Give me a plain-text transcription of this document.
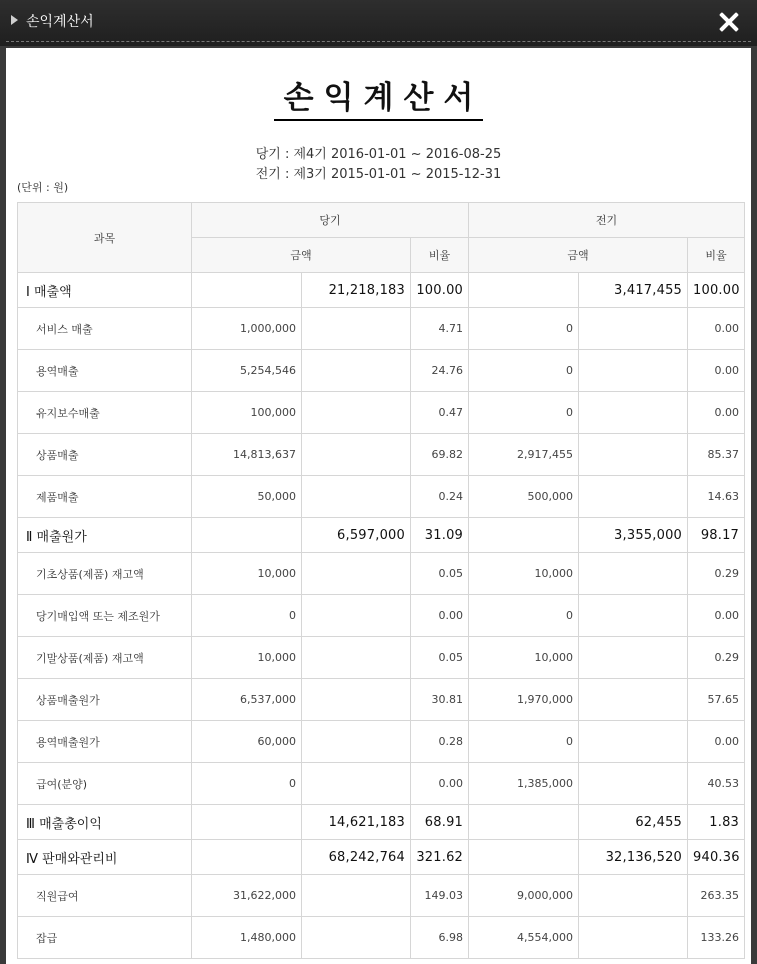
손익계산서
손익계산서
당기 : 제4기 2016-01-01 ~ 2016-08-25
전기 : 제3기 2015-01-01 ~ 2015-12-31
(단위 : 원)
과목	당기			전기		
	금액		비율	금액		비율
Ⅰ 매출액		21,218,183	100.00		3,417,455	100.00
서비스 매출	1,000,000		4.71	0		0.00
용역매출	5,254,546		24.76	0		0.00
유지보수매출	100,000		0.47	0		0.00
상품매출	14,813,637		69.82	2,917,455		85.37
제품매출	50,000		0.24	500,000		14.63
Ⅱ 매출원가		6,597,000	31.09		3,355,000	98.17
기초상품(제품) 재고액	10,000		0.05	10,000		0.29
당기매입액 또는 제조원가	0		0.00	0		0.00
기말상품(제품) 재고액	10,000		0.05	10,000		0.29
상품매출원가	6,537,000		30.81	1,970,000		57.65
용역매출원가	60,000		0.28	0		0.00
급여(분양)	0		0.00	1,385,000		40.53
Ⅲ 매출총이익		14,621,183	68.91		62,455	1.83
Ⅳ 판매와관리비		68,242,764	321.62		32,136,520	940.36
직원급여	31,622,000		149.03	9,000,000		263.35
잡급	1,480,000		6.98	4,554,000		133.26
